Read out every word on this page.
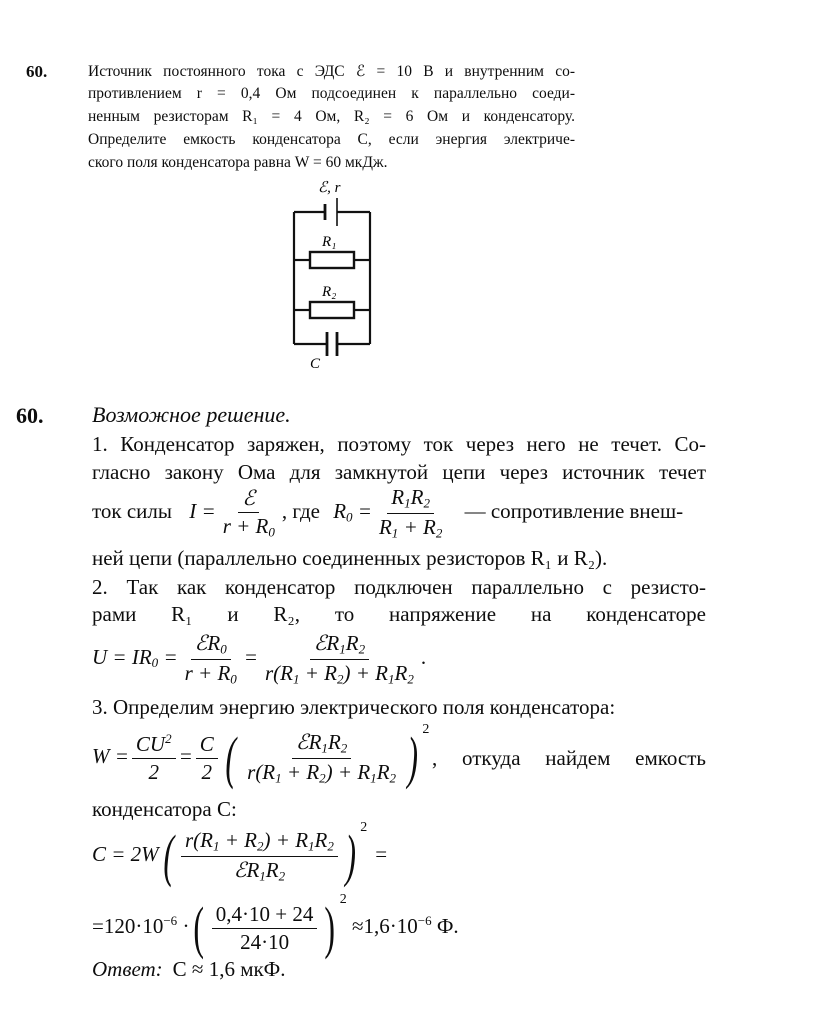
60.	Источник постоянного тока с ЭДС ℰ = 10 В и внутренним со-
противлением r = 0,4 Ом подсоединен к параллельно соеди-
ненным резисторам R₁ = 4 Ом, R₂ = 6 Ом и конденсатору.
Определите емкость конденсатора C, если энергия электриче-
ского поля конденсатора равна W = 60 мкДж.
ℰ, r
R₁
R₂
C
60. Возможное решение.
1. Конденсатор заряжен, поэтому ток через него не течет. Со-
гласно закону Ома для замкнутой цепи через источник течет
ток силы $I = \frac{\text{ℰ}}{r + R_0}$ , где $R_0 = \frac{R_1R_2}{R_1 + R_2}$ — сопротивление внеш-
ней цепи (параллельно соединенных резисторов R₁ и R₂).
2. Так как конденсатор подключен параллельно с резисто-
рами R₁ и R₂, то напряжение на конденсаторе
$U = IR_0 = \frac{ℰR_0}{r + R_0} = \frac{ℰR_1R_2}{r(R_1 + R_2) + R_1R_2}$ .
3. Определим энергию электрического поля конденсатора:
$W = \frac{CU^2}{2} = \frac{C}{2}$ ( $\frac{ℰR_1R_2}{r(R_1 + R_2) + R_1R_2}$ ) $^2$
, откуда найдем емкость
конденсатора C:
$C = 2W( \frac{r(R_1 + R_2) + R_1R_2}{ℰR_1R_2}$ ) $^2$=
$=120\cdot 10^{-6}$ ·( $\frac{0,4\cdot 10 + 24}{24\cdot 10}$ ) $^2 \approx 1,6\cdot 10^{-6}$ Ф.
Ответ: C ≈ 1,6 мкФ.
